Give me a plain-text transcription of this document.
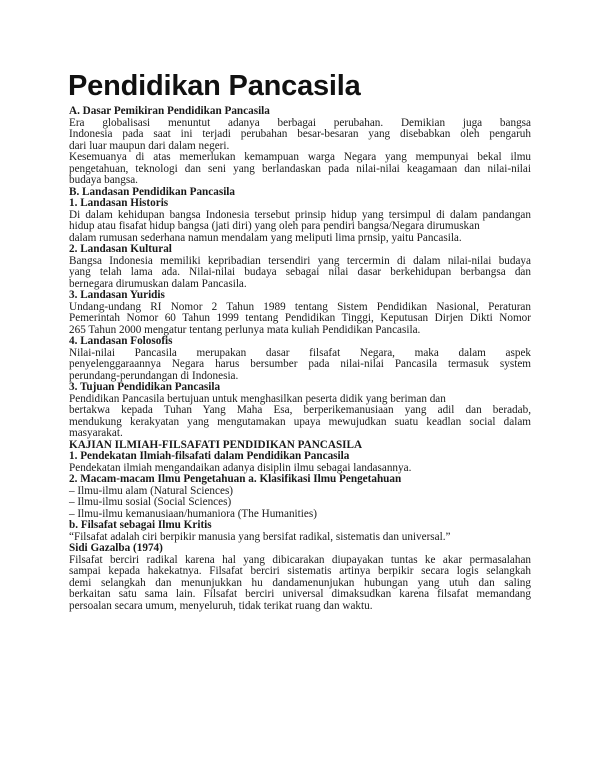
Pendidikan Pancasila
A. Dasar Pemikiran Pendidikan Pancasila
Era globalisasi menuntut adanya berbagai perubahan. Demikian juga bangsa
Indonesia pada saat ini terjadi perubahan besar-besaran yang disebabkan oleh pengaruh
dari luar maupun dari dalam negeri.
Kesemuanya di atas memerlukan kemampuan warga Negara yang mempunyai bekal ilmu
pengetahuan, teknologi dan seni yang berlandaskan pada nilai-nilai keagamaan dan nilai-nilai
budaya bangsa.
B. Landasan Pendidikan Pancasila
1. Landasan Historis
Di dalam kehidupan bangsa Indonesia tersebut prinsip hidup yang tersimpul di dalam pandangan
hidup atau fisafat hidup bangsa (jati diri) yang oleh para pendiri bangsa/Negara dirumuskan
dalam rumusan sederhana namun mendalam yang meliputi lima prnsip, yaitu Pancasila.
2. Landasan Kultural
Bangsa Indonesia memiliki kepribadian tersendiri yang tercermin di dalam nilai-nilai budaya
yang telah lama ada. Nilai-nilai budaya sebagai nilai dasar berkehidupan berbangsa dan
bernegara dirumuskan dalam Pancasila.
3. Landasan Yuridis
Undang-undang RI Nomor 2 Tahun 1989 tentang Sistem Pendidikan Nasional, Peraturan
Pemerintah Nomor 60 Tahun 1999 tentang Pendidikan Tinggi, Keputusan Dirjen Dikti Nomor
265 Tahun 2000 mengatur tentang perlunya mata kuliah Pendidikan Pancasila.
4. Landasan Folosofis
Nilai-nilai Pancasila merupakan dasar filsafat Negara, maka dalam aspek
penyelenggaraannya Negara harus bersumber pada nilai-nilai Pancasila termasuk system
perundang-perundangan di Indonesia.
3. Tujuan Pendidikan Pancasila
Pendidikan Pancasila bertujuan untuk menghasilkan peserta didik yang beriman dan
bertakwa kepada Tuhan Yang Maha Esa, berperikemanusiaan yang adil dan beradab,
mendukung kerakyatan yang mengutamakan upaya mewujudkan suatu keadlan social dalam
masyarakat.
KAJIAN ILMIAH-FILSAFATI PENDIDIKAN PANCASILA
1. Pendekatan Ilmiah-filsafati dalam Pendidikan Pancasila
Pendekatan ilmiah mengandaikan adanya disiplin ilmu sebagai landasannya.
2. Macam-macam Ilmu Pengetahuan a. Klasifikasi Ilmu Pengetahuan
– Ilmu-ilmu alam (Natural Sciences)
– Ilmu-ilmu sosial (Social Sciences)
– Ilmu-ilmu kemanusiaan/humaniora (The Humanities)
b. Filsafat sebagai Ilmu Kritis
“Filsafat adalah ciri berpikir manusia yang bersifat radikal, sistematis dan universal.”
Sidi Gazalba (1974)
Filsafat berciri radikal karena hal yang dibicarakan diupayakan tuntas ke akar permasalahan
sampai kepada hakekatnya. Filsafat berciri sistematis artinya berpikir secara logis selangkah
demi selangkah dan menunjukkan hu dandamenunjukan hubungan yang utuh dan saling
berkaitan satu sama lain. Filsafat berciri universal dimaksudkan karena filsafat memandang
persoalan secara umum, menyeluruh, tidak terikat ruang dan waktu.
